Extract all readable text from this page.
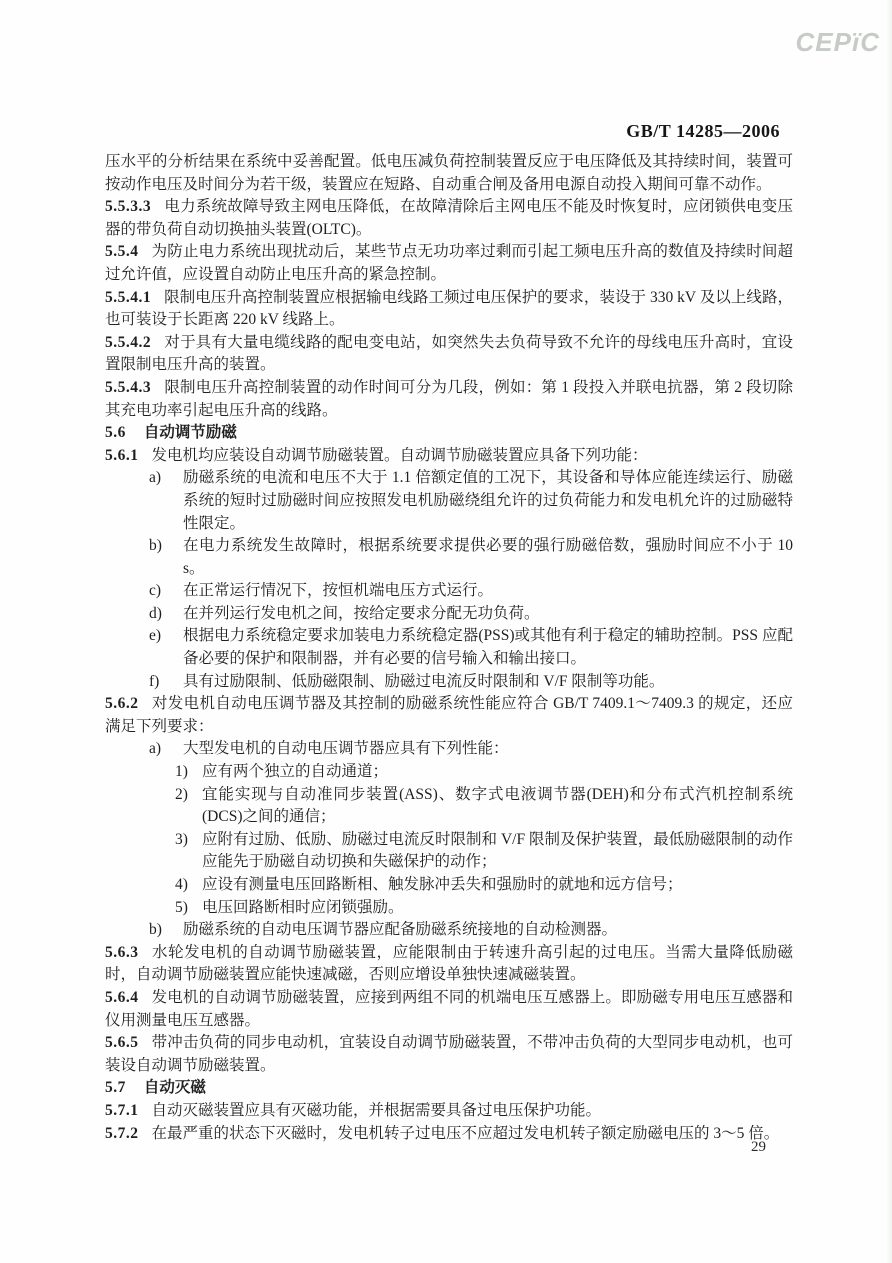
CEPïC
GB/T 14285—2006
压水平的分析结果在系统中妥善配置。低电压减负荷控制装置反应于电压降低及其持续时间，装置可按动作电压及时间分为若干级，装置应在短路、自动重合闸及备用电源自动投入期间可靠不动作。
5.5.3.3 电力系统故障导致主网电压降低，在故障清除后主网电压不能及时恢复时，应闭锁供电变压器的带负荷自动切换抽头装置(OLTC)。
5.5.4 为防止电力系统出现扰动后，某些节点无功功率过剩而引起工频电压升高的数值及持续时间超过允许值，应设置自动防止电压升高的紧急控制。
5.5.4.1 限制电压升高控制装置应根据输电线路工频过电压保护的要求，装设于 330 kV 及以上线路，也可装设于长距离 220 kV 线路上。
5.5.4.2 对于具有大量电缆线路的配电变电站，如突然失去负荷导致不允许的母线电压升高时，宜设置限制电压升高的装置。
5.5.4.3 限制电压升高控制装置的动作时间可分为几段，例如：第 1 段投入并联电抗器，第 2 段切除其充电功率引起电压升高的线路。
5.6 自动调节励磁
5.6.1 发电机均应装设自动调节励磁装置。自动调节励磁装置应具备下列功能：
a) 励磁系统的电流和电压不大于 1.1 倍额定值的工况下，其设备和导体应能连续运行、励磁系统的短时过励磁时间应按照发电机励磁绕组允许的过负荷能力和发电机允许的过励磁特性限定。
b) 在电力系统发生故障时，根据系统要求提供必要的强行励磁倍数，强励时间应不小于 10 s。
c) 在正常运行情况下，按恒机端电压方式运行。
d) 在并列运行发电机之间，按给定要求分配无功负荷。
e) 根据电力系统稳定要求加装电力系统稳定器(PSS)或其他有利于稳定的辅助控制。PSS 应配备必要的保护和限制器，并有必要的信号输入和输出接口。
f) 具有过励限制、低励磁限制、励磁过电流反时限制和 V/F 限制等功能。
5.6.2 对发电机自动电压调节器及其控制的励磁系统性能应符合 GB/T 7409.1～7409.3 的规定，还应满足下列要求：
a) 大型发电机的自动电压调节器应具有下列性能：
1) 应有两个独立的自动通道；
2) 宜能实现与自动准同步装置(ASS)、数字式电液调节器(DEH)和分布式汽机控制系统(DCS)之间的通信；
3) 应附有过励、低励、励磁过电流反时限制和 V/F 限制及保护装置，最低励磁限制的动作应能先于励磁自动切换和失磁保护的动作；
4) 应设有测量电压回路断相、触发脉冲丢失和强励时的就地和远方信号；
5) 电压回路断相时应闭锁强励。
b) 励磁系统的自动电压调节器应配备励磁系统接地的自动检测器。
5.6.3 水轮发电机的自动调节励磁装置，应能限制由于转速升高引起的过电压。当需大量降低励磁时，自动调节励磁装置应能快速减磁，否则应增设单独快速减磁装置。
5.6.4 发电机的自动调节励磁装置，应接到两组不同的机端电压互感器上。即励磁专用电压互感器和仪用测量电压互感器。
5.6.5 带冲击负荷的同步电动机，宜装设自动调节励磁装置，不带冲击负荷的大型同步电动机，也可装设自动调节励磁装置。
5.7 自动灭磁
5.7.1 自动灭磁装置应具有灭磁功能，并根据需要具备过电压保护功能。
5.7.2 在最严重的状态下灭磁时，发电机转子过电压不应超过发电机转子额定励磁电压的 3～5 倍。
29
